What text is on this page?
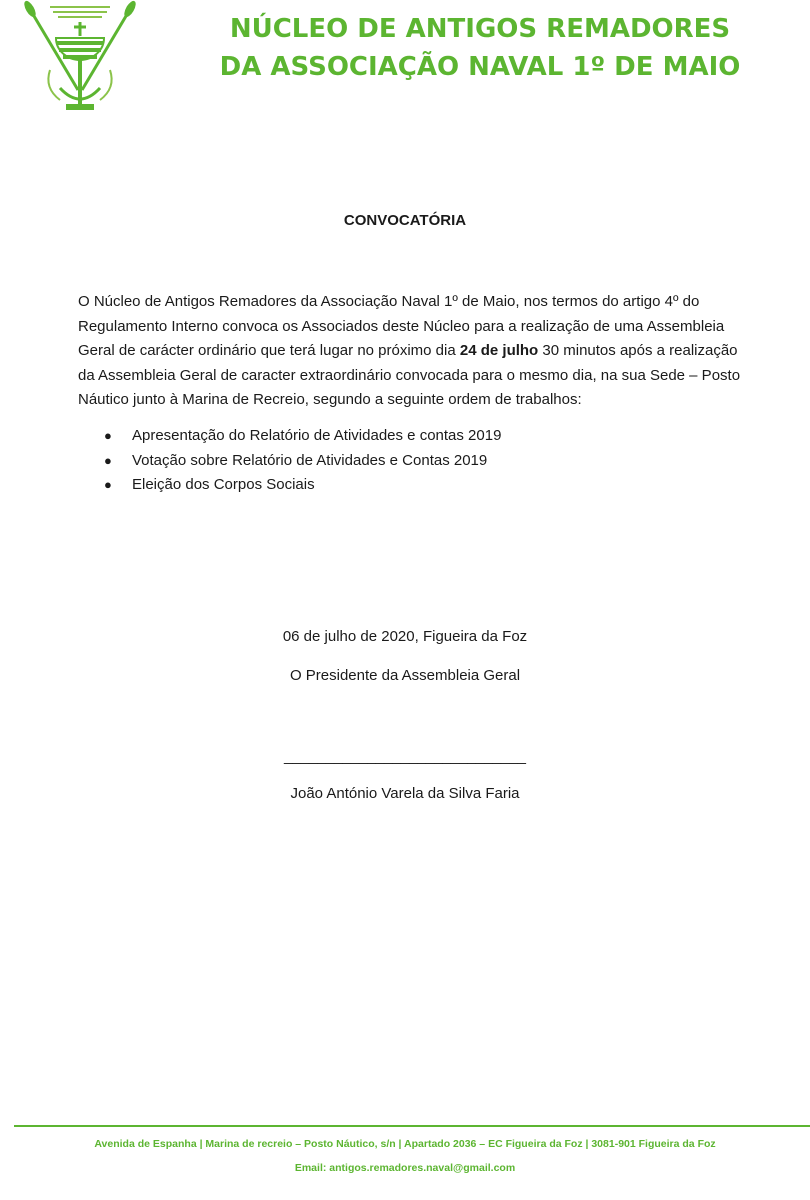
NÚCLEO DE ANTIGOS REMADORES
DA ASSOCIAÇÃO NAVAL 1º DE MAIO
CONVOCATÓRIA
O Núcleo de Antigos Remadores da Associação Naval 1º de Maio, nos termos do artigo 4º do Regulamento Interno convoca os Associados deste Núcleo para a realização de uma Assembleia Geral de carácter ordinário que terá lugar no próximo dia 24 de julho 30 minutos após a realização da Assembleia Geral de caracter extraordinário convocada para o mesmo dia, na sua Sede – Posto Náutico junto à Marina de Recreio, segundo a seguinte ordem de trabalhos:
● Apresentação do Relatório de Atividades e contas 2019
● Votação sobre Relatório de Atividades e Contas 2019
● Eleição dos Corpos Sociais
06 de julho de 2020, Figueira da Foz
O Presidente da Assembleia Geral
_____________________________
João António Varela da Silva Faria
Avenida de Espanha | Marina de recreio – Posto Náutico, s/n | Apartado 2036 – EC Figueira da Foz | 3081-901 Figueira da Foz
Email: antigos.remadores.naval@gmail.com
